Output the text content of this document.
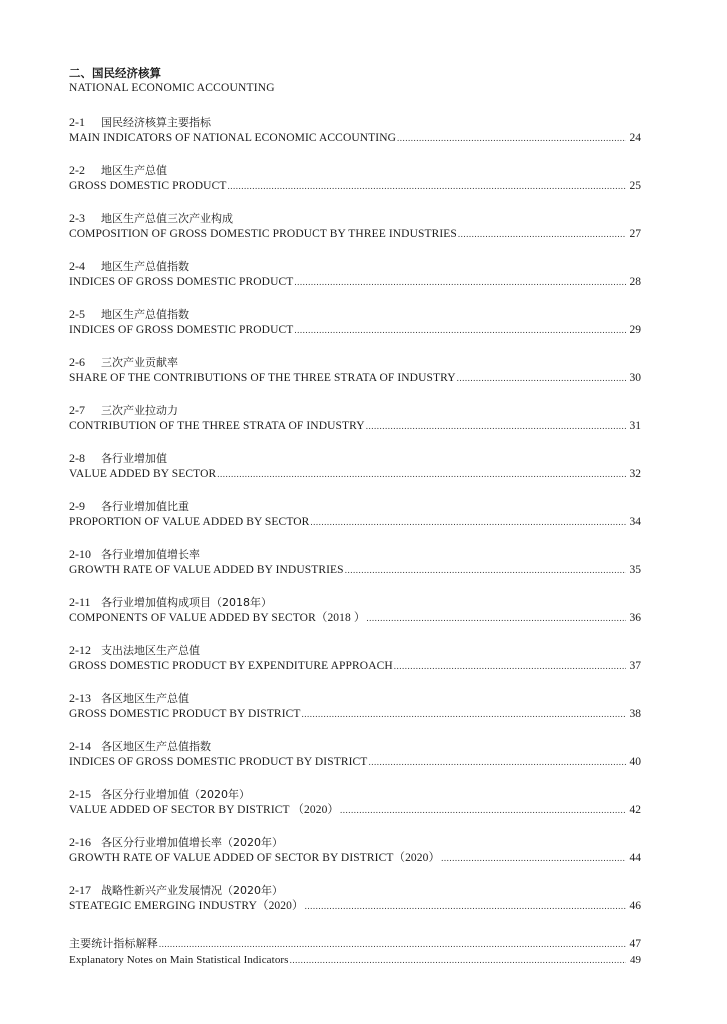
二、国民经济核算
NATIONAL ECONOMIC ACCOUNTING
2-1 国民经济核算主要指标
MAIN INDICATORS OF NATIONAL ECONOMIC ACCOUNTING .....	24
2-2 地区生产总值
GROSS DOMESTIC PRODUCT .....	25
2-3 地区生产总值三次产业构成
COMPOSITION OF GROSS DOMESTIC PRODUCT BY THREE INDUSTRIES .....	27
2-4 地区生产总值指数
INDICES OF GROSS DOMESTIC PRODUCT .....	28
2-5 地区生产总值指数
INDICES OF GROSS DOMESTIC PRODUCT .....	29
2-6 三次产业贡献率
SHARE OF THE CONTRIBUTIONS OF THE THREE STRATA OF INDUSTRY .....	30
2-7 三次产业拉动力
CONTRIBUTION OF THE THREE STRATA OF INDUSTRY .....	31
2-8 各行业增加值
VALUE ADDED BY SECTOR .....	32
2-9 各行业增加值比重
PROPORTION OF VALUE ADDED BY SECTOR .....	34
2-10 各行业增加值增长率
GROWTH RATE OF VALUE ADDED BY INDUSTRIES .....	35
2-11 各行业增加值构成项目（2018年）
COMPONENTS OF VALUE ADDED BY SECTOR（2018 ） .....	36
2-12 支出法地区生产总值
GROSS DOMESTIC PRODUCT BY EXPENDITURE APPROACH .....	37
2-13 各区地区生产总值
GROSS DOMESTIC PRODUCT BY DISTRICT .....	38
2-14 各区地区生产总值指数
INDICES OF GROSS DOMESTIC PRODUCT BY DISTRICT .....	40
2-15 各区分行业增加值（2020年）
VALUE ADDED OF SECTOR BY DISTRICT （2020） .....	42
2-16 各区分行业增加值增长率（2020年）
GROWTH RATE OF VALUE ADDED OF SECTOR BY DISTRICT（2020） .....	44
2-17 战略性新兴产业发展情况（2020年）
STEATEGIC EMERGING INDUSTRY（2020） .....	46
主要统计指标解释 .....	47
Explanatory Notes on Main Statistical Indicators .....	49
